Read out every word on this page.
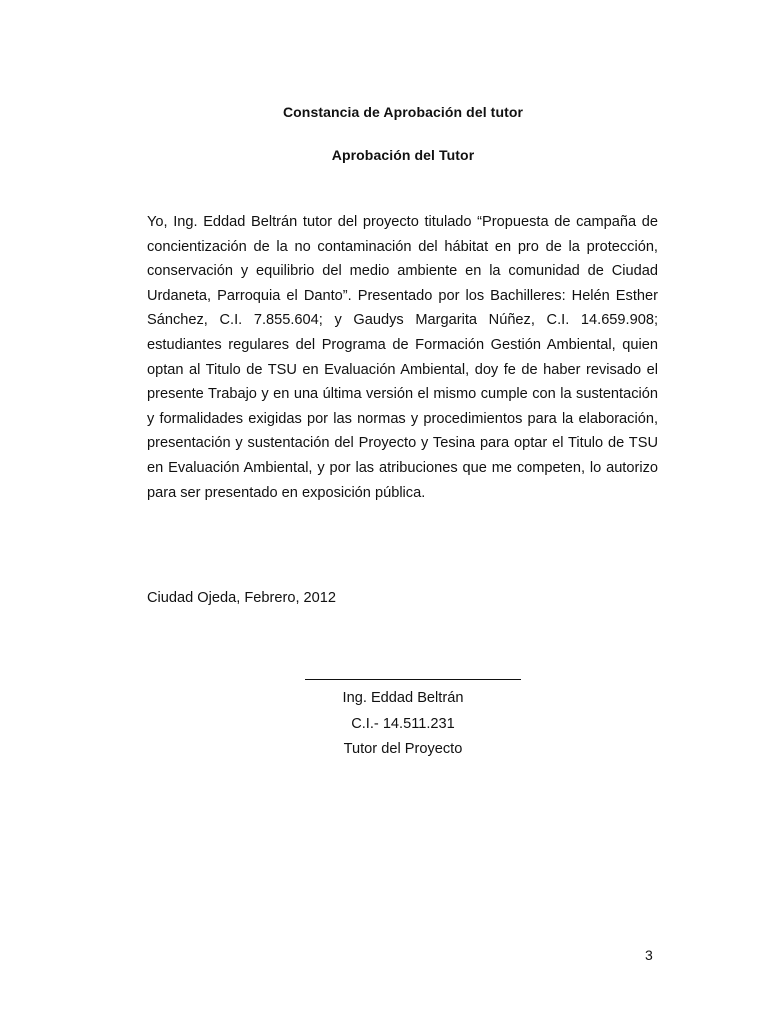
Constancia de Aprobación del tutor
Aprobación del Tutor
Yo, Ing. Eddad Beltrán tutor del proyecto titulado “Propuesta de campaña de concientización de la no contaminación del hábitat en pro de la protección, conservación y equilibrio del medio ambiente en la comunidad de Ciudad Urdaneta, Parroquia el Danto”. Presentado por los Bachilleres: Helén Esther Sánchez, C.I. 7.855.604; y Gaudys Margarita Núñez, C.I. 14.659.908; estudiantes regulares del Programa de Formación Gestión Ambiental, quien optan al Titulo de TSU en Evaluación Ambiental, doy fe de haber revisado el presente Trabajo y en una última versión el mismo cumple con la sustentación y formalidades exigidas por las normas y procedimientos para la elaboración, presentación y sustentación del Proyecto y Tesina para optar el Titulo de TSU en Evaluación Ambiental, y por las atribuciones que me competen, lo autorizo para ser presentado en exposición pública.
Ciudad Ojeda, Febrero, 2012
Ing. Eddad Beltrán
C.I.- 14.511.231
Tutor del Proyecto
3
